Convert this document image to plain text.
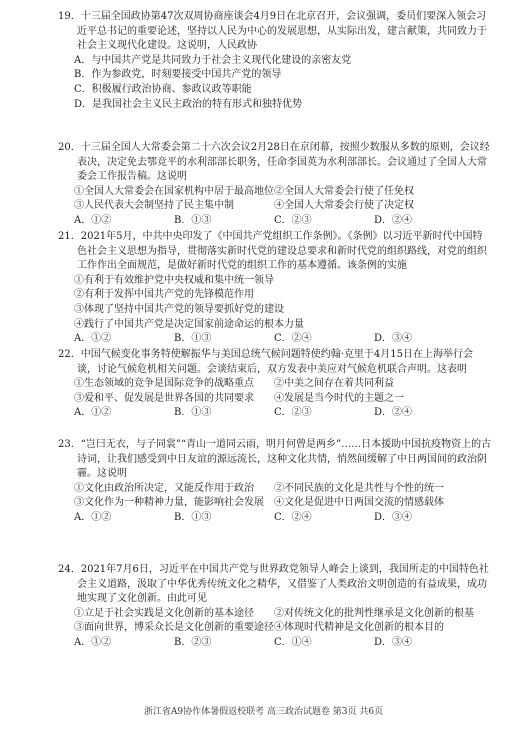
19．十三届全国政协第47次双周协商座谈会4月9日在北京召开，会议强调，委员们要深入领会习近平总书记的重要论述，坚持以人民为中心的发展思想，从实际出发，建言献策，共同致力于社会主义现代化建设。这说明，人民政协
A．与中国共产党是共同致力于社会主义现代化建设的亲密友党
B．作为参政党，时刻要接受中国共产党的领导
C．积极履行政治协商、参政议政等职能
D．是我国社会主义民主政治的特有形式和独特优势
20．十三届全国人大常委会第二十六次会议2月28日在京闭幕，按照少数服从多数的原则，会议经表决，决定免去鄂竞平的水利部部长职务，任命李国英为水利部部长。会议通过了全国人大常委会工作报告稿。这说明
①全国人大常委会在国家机构中居于最高地位 ②全国人大常委会行使了任免权
③人民代表大会制坚持了民主集中制	④全国人大常委会行使了决定权
A．①②	B．①③	C．②③	D．②④
21．2021年5月，中共中央印发了《中国共产党组织工作条例》。《条例》以习近平新时代中国特色社会主义思想为指导，贯彻落实新时代党的建设总要求和新时代党的组织路线，对党的组织工作作出全面规范，是做好新时代党的组织工作的基本遵循。该条例的实施
①有利于有效维护党中央权威和集中统一领导
②有利于发挥中国共产党的先锋模范作用
③体现了坚持中国共产党的领导要抓好党的建设
④践行了中国共产党是决定国家前途命运的根本力量
A．①②	B．①③	C．②④	D．③④
22．中国气候变化事务特使解振华与美国总统气候问题特使约翰·克里于4月15日在上海举行会谈，讨论气候危机相关问题。会谈结束后，双方发表中美应对气候危机联合声明。这表明
①生态领域的竞争是国际竞争的战略重点	②中美之间存在着共同利益
③爱和平、促发展是世界各国的共同要求	④发展是当今时代的主题之一
A．①②	B．①③	C．②③	D．②④
23．“岂曰无衣，与子同裳”“青山一道同云雨，明月何曾是两乡”……日本援助中国抗疫物资上的古诗词，让我们感受到中日友谊的源远流长，这种文化共情，悄然间缓解了中日两国间的政治阴霾。这说明
①文化由政治所决定，又能反作用于政治	②不同民族的文化是共性与个性的统一
③文化作为一种精神力量，能影响社会发展	④文化是促进中日两国交流的情感载体
A．①②	B．①③	C．②④	D．③④
24．2021年7月6日，习近平在中国共产党与世界政党领导人峰会上谈到，我国所走的中国特色社会主义道路，汲取了中华优秀传统文化之精华，又借鉴了人类政治文明创造的有益成果，成功地实现了文化创新。由此可见
①立足于社会实践是文化创新的基本途径	②对传统文化的批判性继承是文化创新的根基
③面向世界，博采众长是文化创新的重要途径 ④体现时代精神是文化创新的根本目的
A．①②	B．②③	C．①④	D．③④
浙江省A9协作体暑假返校联考 高三政治试题卷 第3页 共6页
